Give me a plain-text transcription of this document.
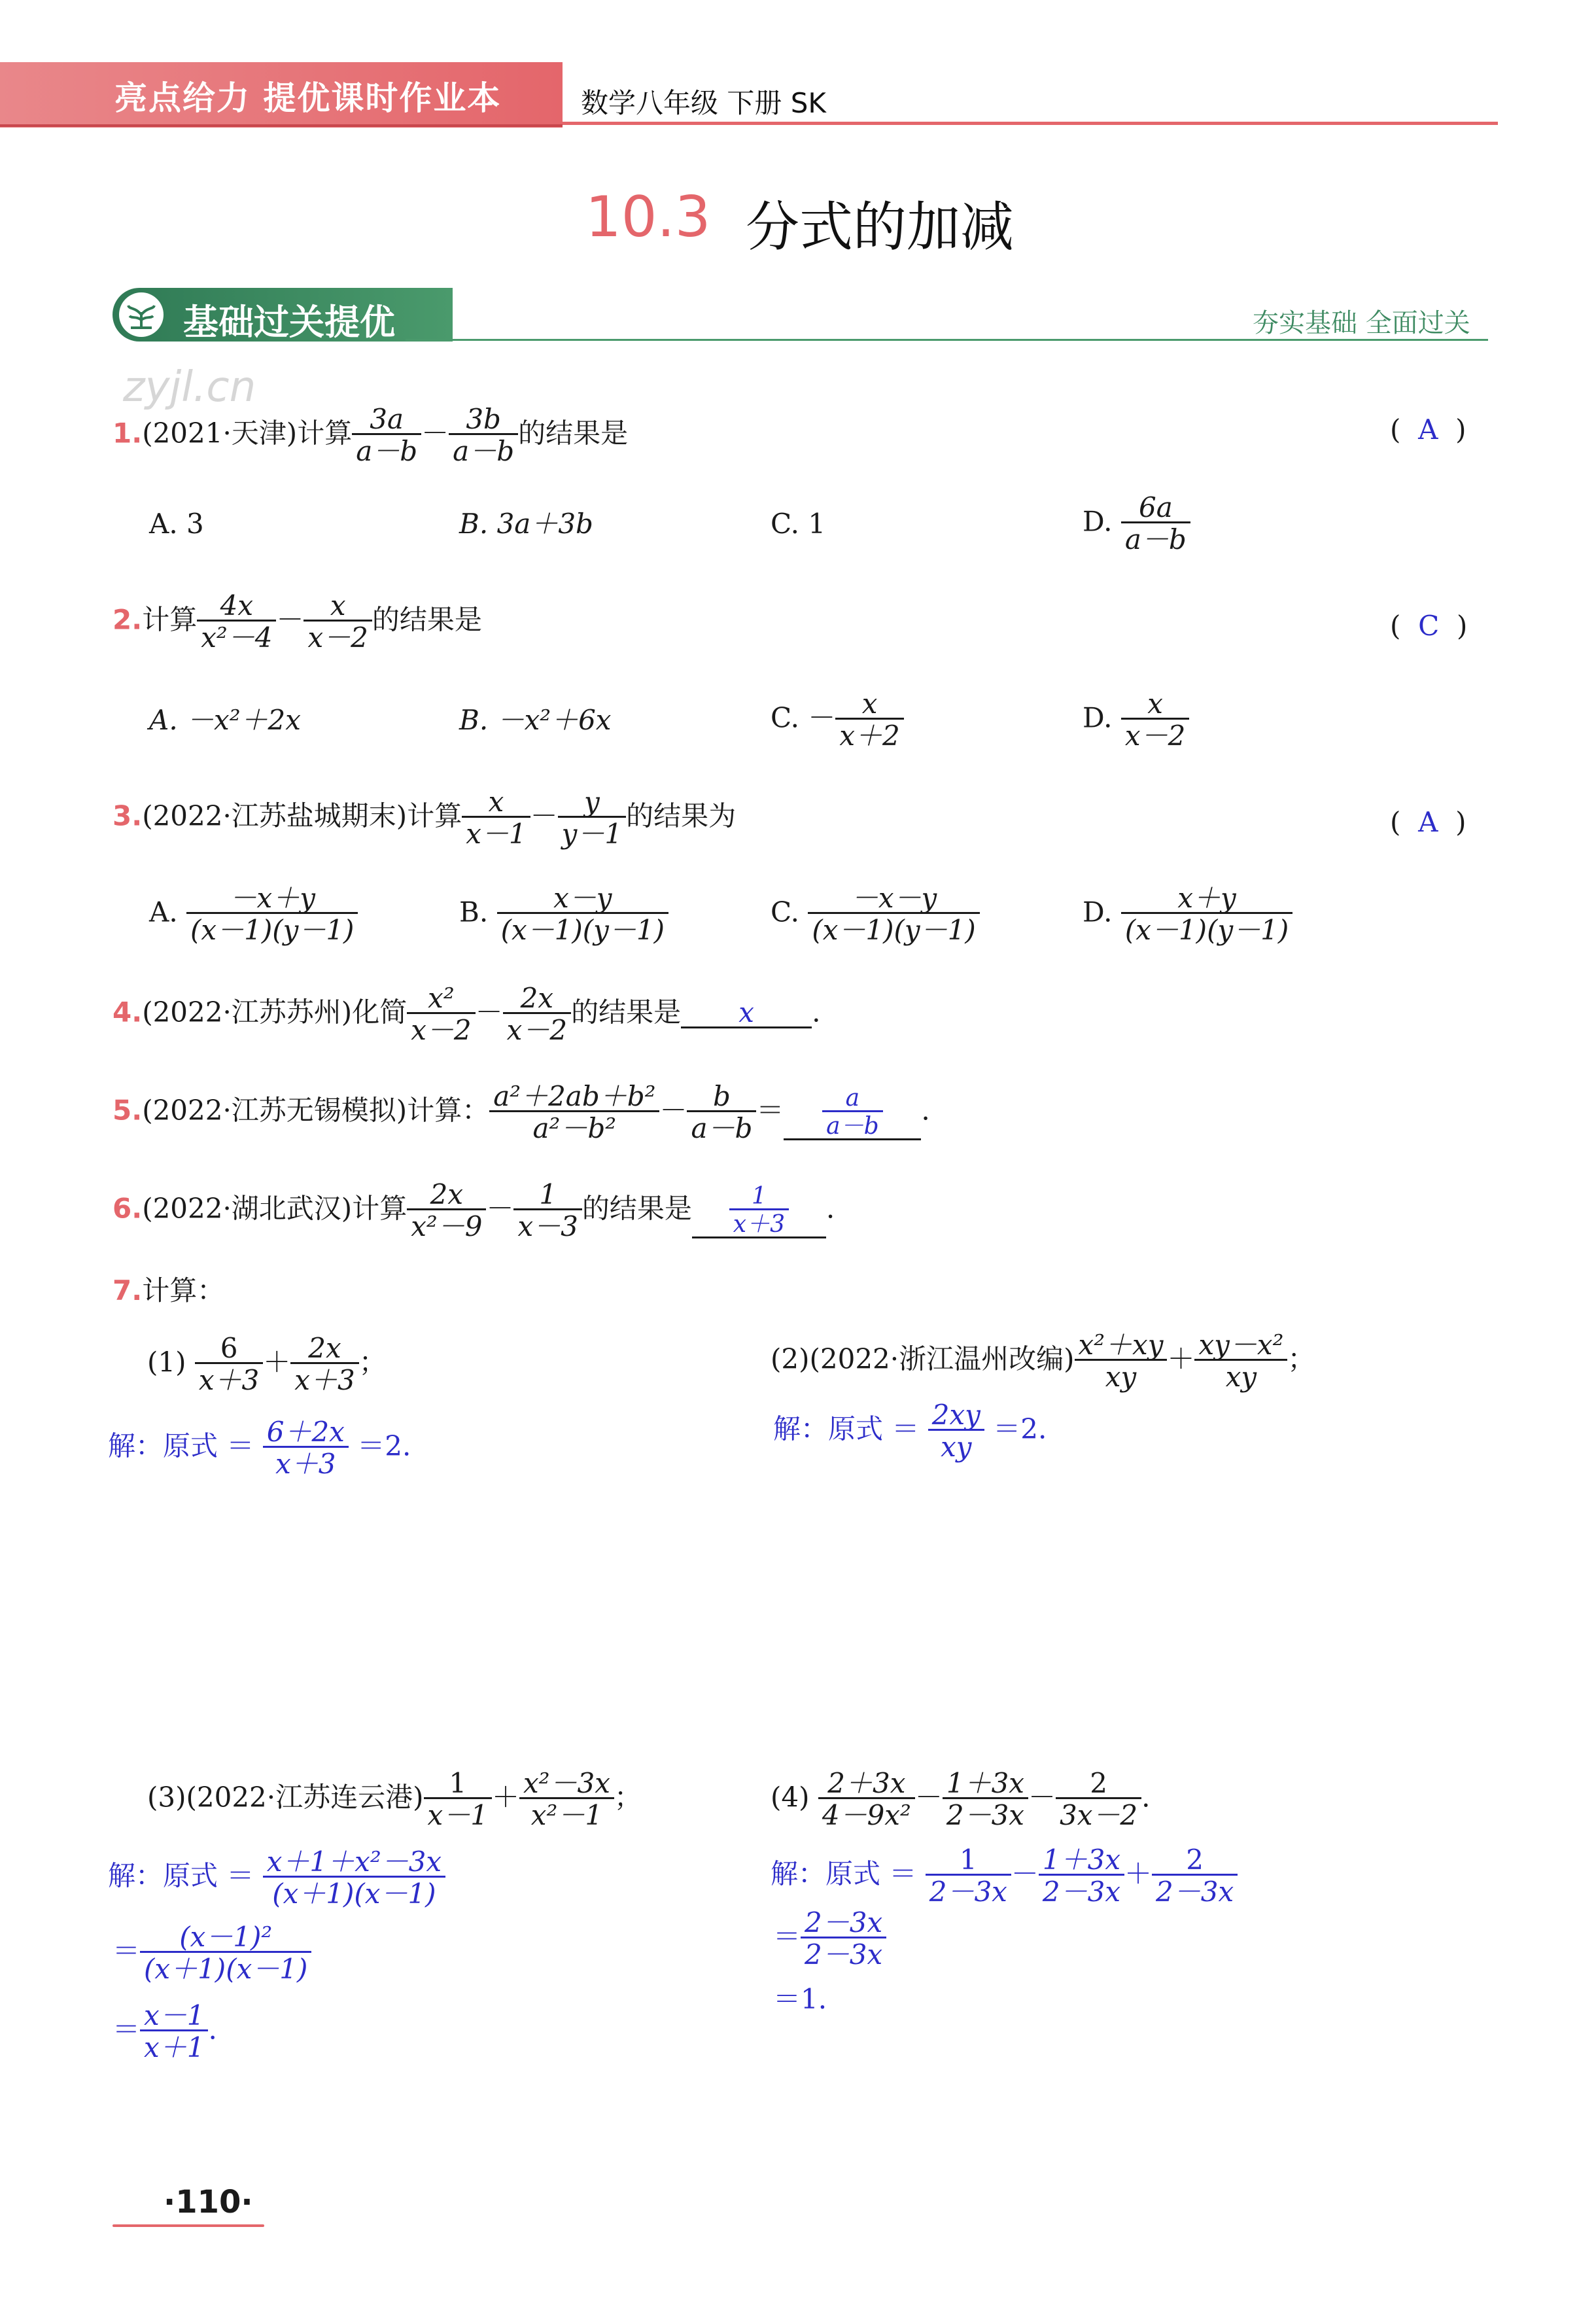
亮点给力 提优课时作业本	数学八年级 下册 SK
10.3 分式的加减
基础过关提优	夯实基础 全面过关
zyjl.cn
1.(2021·天津)计算 $\frac{3a}{a-b} - \frac{3b}{a-b}$ 的结果是	( A )
A. 3	B. 3a＋3b	C. 1	D. $\frac{6a}{a-b}$
2.计算 $\frac{4x}{\text{x²－4}} - \frac{x}{x-2}$ 的结果是	( C )
A. －x²＋2x	B. －x²＋6x	C. － $\frac{x}{x+2}$	D. $\frac{x}{x-2}$
3.(2022·江苏盐城期末)计算 $\frac{x}{x-1} - \frac{y}{y-1}$ 的结果为	( A )
A. $\frac{-x+y}{(x-1)(y-1)}$	B. $\frac{x-y}{(x-1)(y-1)}$	C. $\frac{-x-y}{(x-1)(y-1)}$	D. $\frac{x+y}{(x-1)(y-1)}$
4.(2022·江苏苏州)化简 $\frac{\text{x²}}{x-2} - \frac{2x}{x-2}$ 的结果是 x .
5.(2022·江苏无锡模拟)计算： $\frac{\text{a²＋2ab＋b²}}{\text{a²－b²}} - \frac{b}{a-b} = \frac{a}{a-b}$ .
6.(2022·湖北武汉)计算 $\frac{2x}{\text{x²－9}} - \frac{1}{x-3}$ 的结果是 $\frac{1}{x+3}$ .
7.计算：
$(1) \frac{6}{x+3} + \frac{2x}{x+3}$ ；
解：原式 ＝ $\frac{6+2x}{x+3} =2$.
(2)(2022·浙江温州改编) $\frac{\text{x²＋xy}}{xy} + \frac{\text{xy－x²}}{xy}$ ；
解：原式 ＝ $\frac{2xy}{xy} =2$.
(3)(2022·江苏连云港) $\frac{1}{x-1} + \frac{\text{x²－3x}}{\text{x²－1}}$ ；
解：原式 ＝ $\frac{\text{x＋1＋x²－3x}}{(x+1)(x-1)}$
＝ $\frac{\text{(x－1)²}}{(x+1)(x-1)}$
＝ $\frac{x-1}{x+1}$ .
$(4) \frac{2+3x}{\text{4－9x²}} - \frac{1+3x}{2-3x} - \frac{2}{3x-2}$ .
解：原式 ＝ $\frac{1}{2-3x} - \frac{1+3x}{2-3x} + \frac{2}{2-3x}$
＝ $\frac{2-3x}{2-3x}$
＝1.
·110·
